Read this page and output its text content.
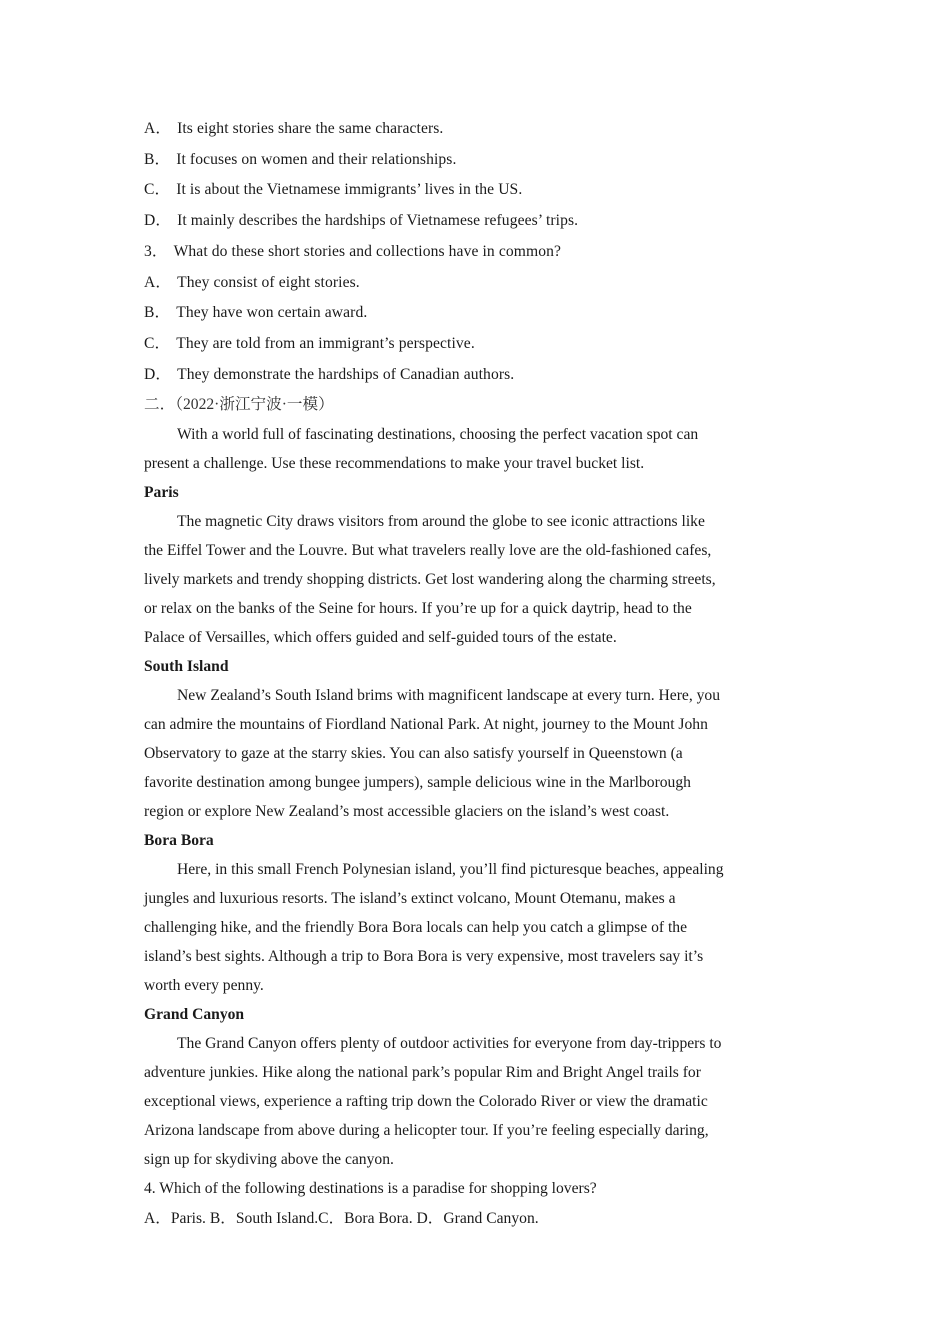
A． Its eight stories share the same characters.
B． It focuses on women and their relationships.
C． It is about the Vietnamese immigrants’ lives in the US.
D． It mainly describes the hardships of Vietnamese refugees’ trips.
3． What do these short stories and collections have in common?
A． They consist of eight stories.
B． They have won certain award.
C． They are told from an immigrant’s perspective.
D． They demonstrate the hardships of Canadian authors.
二．（2022·浙江宁波·一模）
With a world full of fascinating destinations, choosing the perfect vacation spot can
present a challenge. Use these recommendations to make your travel bucket list.
Paris
The magnetic City draws visitors from around the globe to see iconic attractions like
the Eiffel Tower and the Louvre. But what travelers really love are the old-fashioned cafes,
lively markets and trendy shopping districts. Get lost wandering along the charming streets,
or relax on the banks of the Seine for hours. If you’re up for a quick daytrip, head to the
Palace of Versailles, which offers guided and self-guided tours of the estate.
South Island
New Zealand’s South Island brims with magnificent landscape at every turn. Here, you
can admire the mountains of Fiordland National Park. At night, journey to the Mount John
Observatory to gaze at the starry skies. You can also satisfy yourself in Queenstown (a
favorite destination among bungee jumpers), sample delicious wine in the Marlborough
region or explore New Zealand’s most accessible glaciers on the island’s west coast.
Bora Bora
Here, in this small French Polynesian island, you’ll find picturesque beaches, appealing
jungles and luxurious resorts. The island’s extinct volcano, Mount Otemanu, makes a
challenging hike, and the friendly Bora Bora locals can help you catch a glimpse of the
island’s best sights. Although a trip to Bora Bora is very expensive, most travelers say it’s
worth every penny.
Grand Canyon
The Grand Canyon offers plenty of outdoor activities for everyone from day-trippers to
adventure junkies. Hike along the national park’s popular Rim and Bright Angel trails for
exceptional views, experience a rafting trip down the Colorado River or view the dramatic
Arizona landscape from above during a helicopter tour. If you’re feeling especially daring,
sign up for skydiving above the canyon.
4. Which of the following destinations is a paradise for shopping lovers?
A．Paris. B．South Island.C．Bora Bora. D．Grand Canyon.
